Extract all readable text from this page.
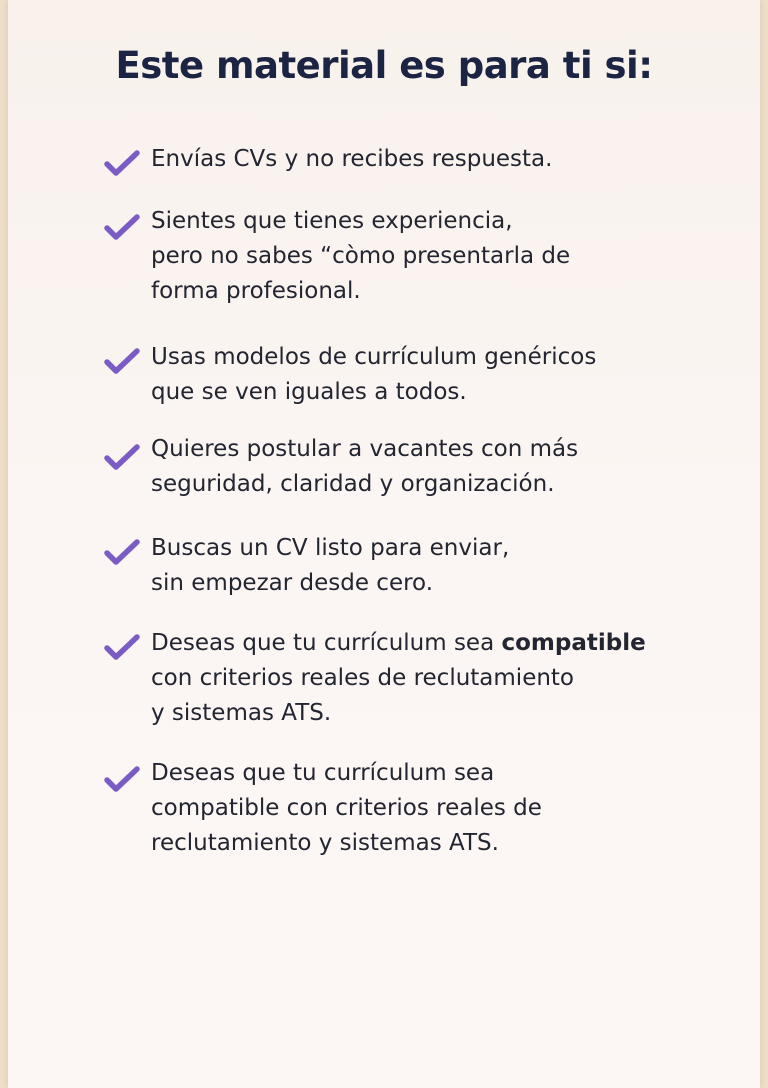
Este material es para ti si:
Envías CVs y no recibes respuesta.
Sientes que tienes experiencia,
pero no sabes “còmo presentarla de
forma profesional.
Usas modelos de currículum genéricos
que se ven iguales a todos.
Quieres postular a vacantes con más
seguridad, claridad y organización.
Buscas un CV listo para enviar,
sin empezar desde cero.
Deseas que tu currículum sea compatible
con criterios reales de reclutamiento
y sistemas ATS.
Deseas que tu currículum sea
compatible con criterios reales de
reclutamiento y sistemas ATS.
